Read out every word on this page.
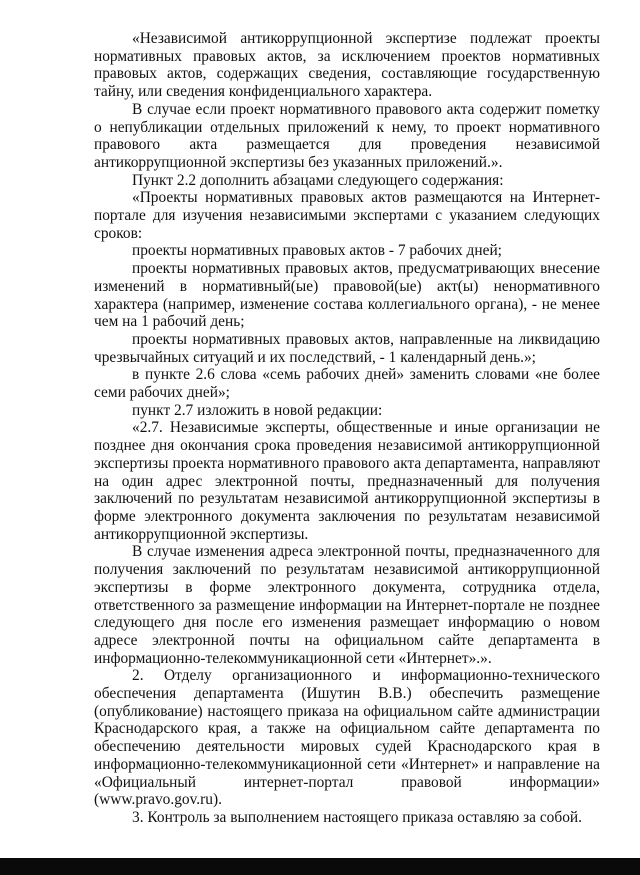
«Независимой антикоррупционной экспертизе подлежат проекты нормативных правовых актов, за исключением проектов нормативных правовых актов, содержащих сведения, составляющие государственную тайну, или сведения конфиденциального характера.

В случае если проект нормативного правового акта содержит пометку о непубликации отдельных приложений к нему, то проект нормативного правового акта размещается для проведения независимой антикоррупционной экспертизы без указанных приложений.».

Пункт 2.2 дополнить абзацами следующего содержания:

«Проекты нормативных правовых актов размещаются на Интернет-портале для изучения независимыми экспертами с указанием следующих сроков:

проекты нормативных правовых актов - 7 рабочих дней;

проекты нормативных правовых актов, предусматривающих внесение изменений в нормативный(ые) правовой(ые) акт(ы) ненормативного характера (например, изменение состава коллегиального органа), - не менее чем на 1 рабочий день;

проекты нормативных правовых актов, направленные на ликвидацию чрезвычайных ситуаций и их последствий, - 1 календарный день.»;

в пункте 2.6 слова «семь рабочих дней» заменить словами «не более семи рабочих дней»;

пункт 2.7 изложить в новой редакции:

«2.7. Независимые эксперты, общественные и иные организации не позднее дня окончания срока проведения независимой антикоррупционной экспертизы проекта нормативного правового акта департамента, направляют на один адрес электронной почты, предназначенный для получения заключений по результатам независимой антикоррупционной экспертизы в форме электронного документа заключения по результатам независимой антикоррупционной экспертизы.

В случае изменения адреса электронной почты, предназначенного для получения заключений по результатам независимой антикоррупционной экспертизы в форме электронного документа, сотрудника отдела, ответственного за размещение информации на Интернет-портале не позднее следующего дня после его изменения размещает информацию о новом адресе электронной почты на официальном сайте департамента в информационно-телекоммуникационной сети «Интернет».».

2. Отделу организационного и информационно-технического обеспечения департамента (Ишутин В.В.) обеспечить размещение (опубликование) настоящего приказа на официальном сайте администрации Краснодарского края, а также на официальном сайте департамента по обеспечению деятельности мировых судей Краснодарского края в информационно-телекоммуникационной сети «Интернет» и направление на «Официальный интернет-портал правовой информации» (www.pravo.gov.ru).

3. Контроль за выполнением настоящего приказа оставляю за собой.
